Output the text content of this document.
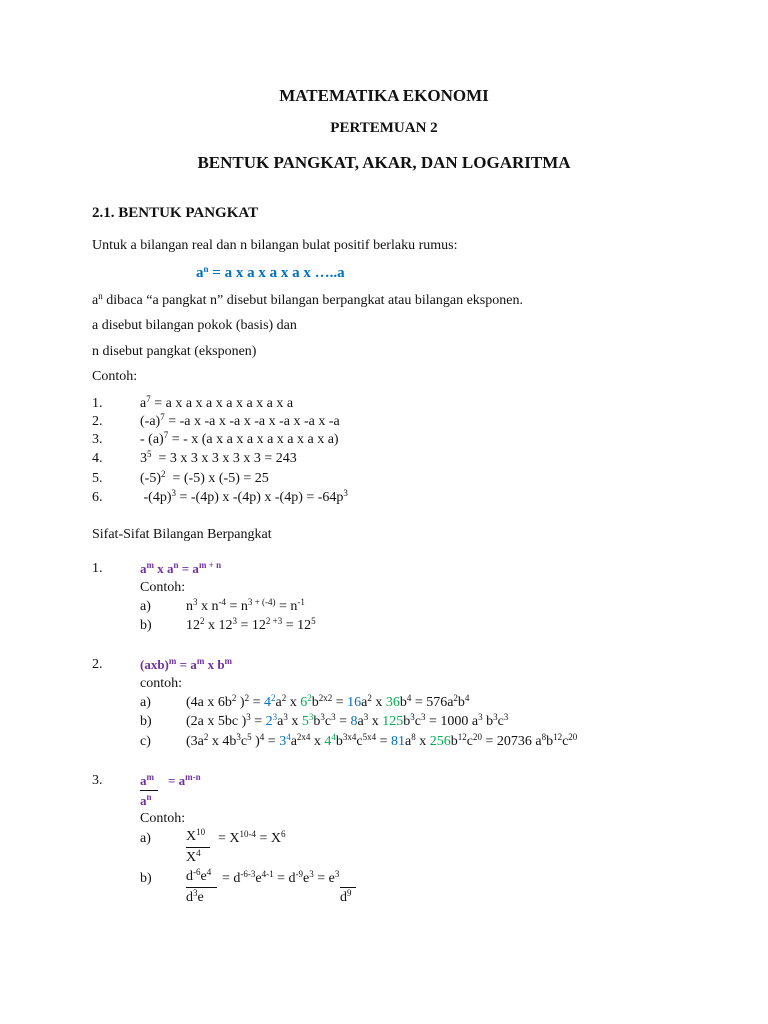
MATEMATIKA EKONOMI
PERTEMUAN 2
BENTUK PANGKAT, AKAR, DAN LOGARITMA
2.1. BENTUK PANGKAT
Untuk a bilangan real dan n bilangan bulat positif berlaku rumus:
$a^n = a$ x a x a x a x …..a
$a^n$ dibaca “a pangkat n” disebut bilangan berpangkat atau bilangan eksponen.
a disebut bilangan pokok (basis) dan
n disebut pangkat (eksponen)
Contoh:
1.	$a^7 = a$ x a x a x a x a x a x a
2.	$(-a)^7 = -a$ x -a x -a x -a x -a x -a x -a
3.	- $(a)^7$ = - x (a x a x a x a x a x a x a)
4.	$3^5 = 3$ x 3 x 3 x 3 x 3 = 243
5.	$(-5)^2 = (-5)$ x (-5) = 25
6.	$-(4p)^3 = -(4p)$ x -(4p) x $-(4p) = -64p^3$
Sifat-Sifat Bilangan Berpangkat
1.	$a^m$ x $a^n = a^{m + n}$
Contoh:
a)	$n^3$ x $n^{-4} = n^{3 + (-4)} = n^{-1}$
b) $12^2$ x $12^3 = 12^{2 +3} = 12^5$
2.	$(axb)^m = a^m$ x $b^m$
contoh:
a)	(4a x $6b^2$ )$^2 = 4^2a^2$ x $6^2b^{2x2} = 16a^2$ x $36b^4 = 576a^2b^4$
b) (2a x 5bc )$^3 = 2^3a^3$ x $5^3b^3c^3 = 8a^3$ x $125b^3c^3 = 1000$ $a^3$ $b^3c^3$
c)	($3a^2$ x $4b^3c^5$ )$^4 = 3^4a^{2x4}$ x $4^4b^{3x4}c^{5x4} = 81a^8$ x $256b^{12}c^{20} = 20736$ $a^8b^{12}c^{20}$
3.	$a^m = a^{m-n}$
$a^n$
Contoh:
a)	$X^{10} = X^{10-4} = X^6$
$X^4$
b) $d^{-6}e^4 = d^{-6-3}e^{4-1} = d^{-9}e^3 = e^3$
$d^3e$	$d^9$
